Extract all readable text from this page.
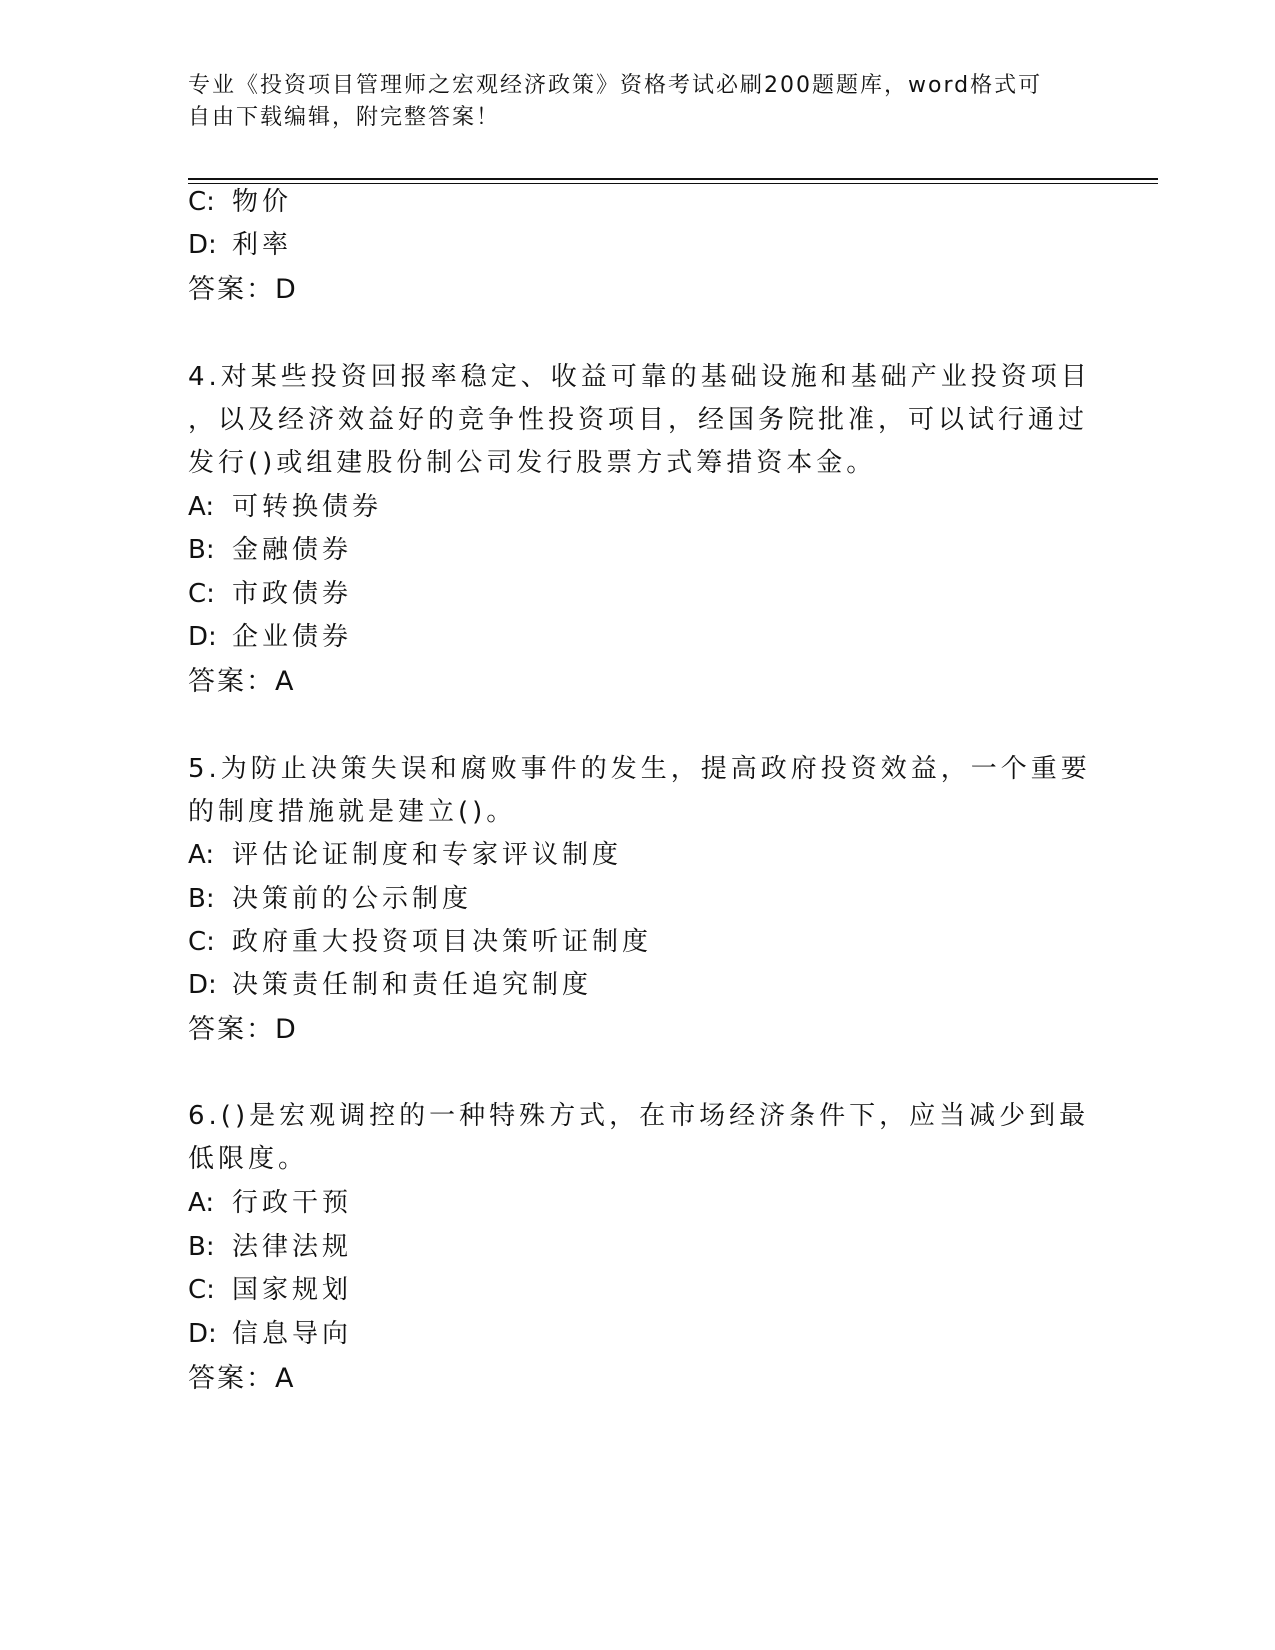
专业《投资项目管理师之宏观经济政策》资格考试必刷200题题库，word格式可
自由下载编辑，附完整答案！
C: 物价
D: 利率
答案：D
4.对某些投资回报率稳定、收益可靠的基础设施和基础产业投资项目
，以及经济效益好的竞争性投资项目，经国务院批准，可以试行通过
发行()或组建股份制公司发行股票方式筹措资本金。
A: 可转换债券
B: 金融债券
C: 市政债券
D: 企业债券
答案：A
5.为防止决策失误和腐败事件的发生，提高政府投资效益，一个重要
的制度措施就是建立()。
A: 评估论证制度和专家评议制度
B: 决策前的公示制度
C: 政府重大投资项目决策听证制度
D: 决策责任制和责任追究制度
答案：D
6.()是宏观调控的一种特殊方式，在市场经济条件下，应当减少到最
低限度。
A: 行政干预
B: 法律法规
C: 国家规划
D: 信息导向
答案：A
